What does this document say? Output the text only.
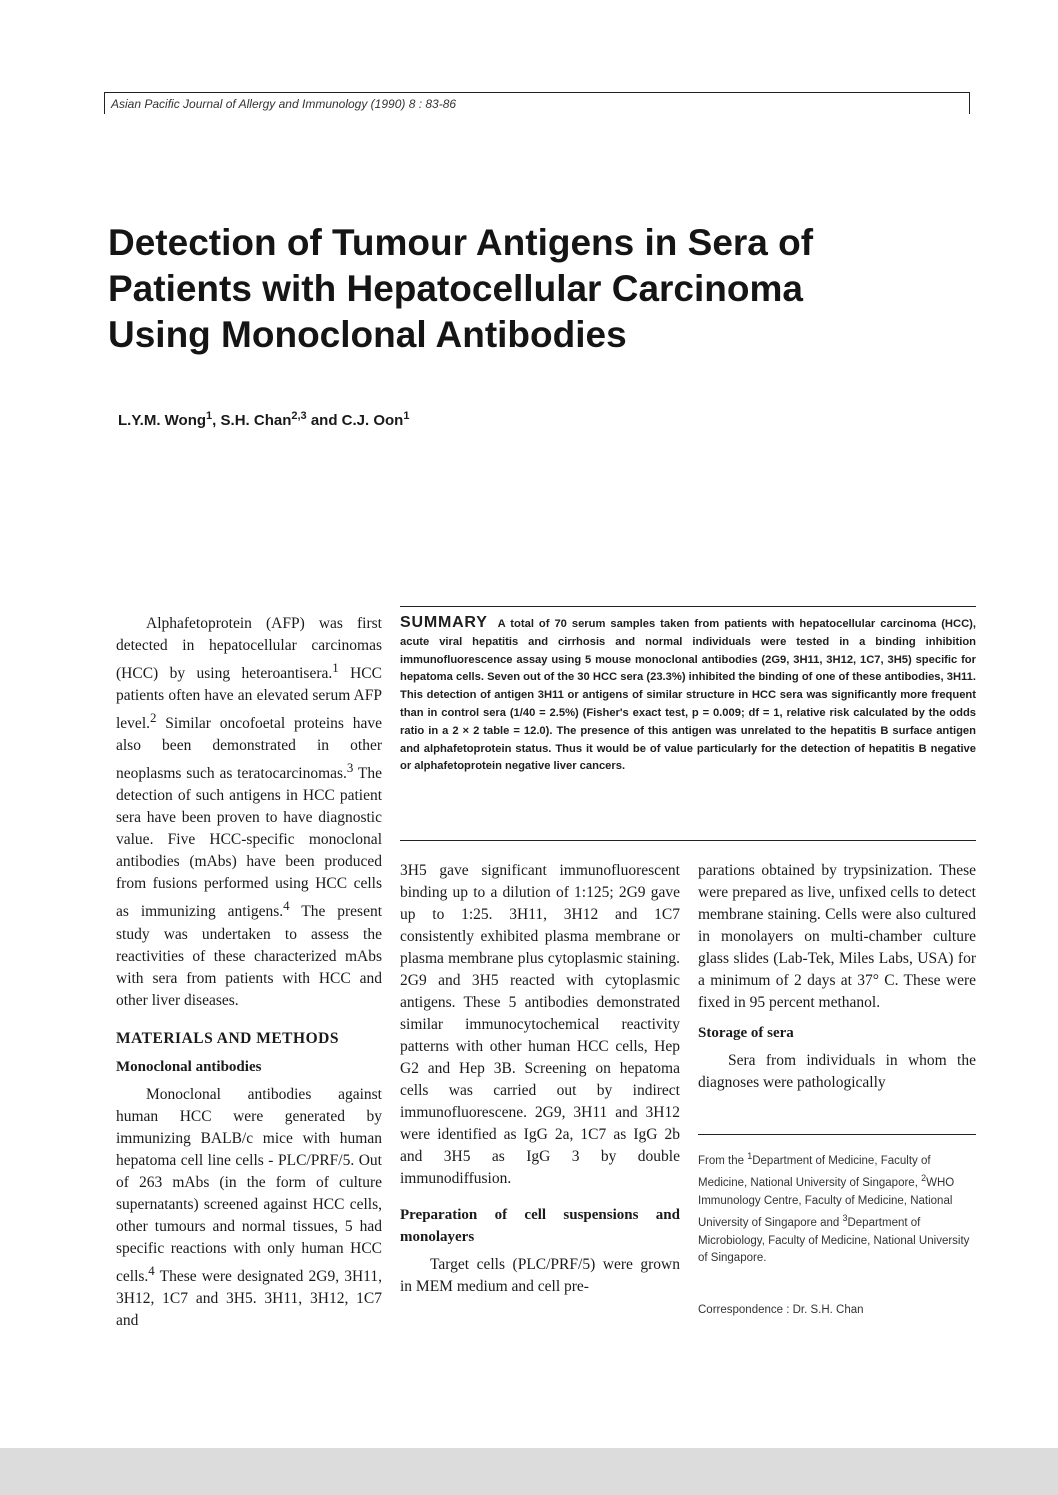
Asian Pacific Journal of Allergy and Immunology (1990) 8 : 83-86
Detection of Tumour Antigens in Sera of
Patients with Hepatocellular Carcinoma
Using Monoclonal Antibodies
L.Y.M. Wong$^1$, S.H. Chan$^{2,3}$ and C.J. Oon$^1$

Alphafetoprotein (AFP) was first detected in hepatocellular carcinomas (HCC) by using heteroantisera.$^1$ HCC patients often have an elevated serum AFP level.$^2$ Similar oncofoetal proteins have also been demonstrated in other neoplasms such as teratocarcinomas.$^3$ The detection of such antigens in HCC patient sera have been proven to have diagnostic value. Five HCC-specific monoclonal antibodies (mAbs) have been produced from fusions performed using HCC cells as immunizing antigens.$^4$ The present study was undertaken to assess the reactivities of these characterized mAbs with sera from patients with HCC and other liver diseases.

MATERIALS AND METHODS

Monoclonal antibodies

Monoclonal antibodies against human HCC were generated by immunizing BALB/c mice with human hepatoma cell line cells - PLC/PRF/5. Out of 263 mAbs (in the form of culture supernatants) screened against HCC cells, other tumours and normal tissues, 5 had specific reactions with only human HCC cells.$^4$ These were designated 2G9, 3H11, 3H12, 1C7 and 3H5. 3H11, 3H12, 1C7 and

SUMMARY A total of 70 serum samples taken from patients with hepatocellular carcinoma (HCC), acute viral hepatitis and cirrhosis and normal individuals were tested in a binding inhibition immunofluorescence assay using 5 mouse monoclonal antibodies (2G9, 3H11, 3H12, 1C7, 3H5) specific for hepatoma cells. Seven out of the 30 HCC sera (23.3%) inhibited the binding of one of these antibodies, 3H11. This detection of antigen 3H11 or antigens of similar structure in HCC sera was significantly more frequent than in control sera (1/40 = 2.5%) (Fisher's exact test, p = 0.009; df = 1, relative risk calculated by the odds ratio in a 2 × 2 table = 12.0). The presence of this antigen was unrelated to the hepatitis B surface antigen and alphafetoprotein status. Thus it would be of value particularly for the detection of hepatitis B negative or alphafetoprotein negative liver cancers.

3H5 gave significant immunofluorescent binding up to a dilution of 1:125; 2G9 gave up to 1:25. 3H11, 3H12 and 1C7 consistently exhibited plasma membrane or plasma membrane plus cytoplasmic staining. 2G9 and 3H5 reacted with cytoplasmic antigens. These 5 antibodies demonstrated similar immunocytochemical reactivity patterns with other human HCC cells, Hep G2 and Hep 3B. Screening on hepatoma cells was carried out by indirect immunofluorescene. 2G9, 3H11 and 3H12 were identified as IgG 2a, 1C7 as IgG 2b and 3H5 as IgG 3 by double immunodiffusion.

Preparation of cell suspensions and monolayers

Target cells (PLC/PRF/5) were grown in MEM medium and cell pre-

parations obtained by trypsinization. These were prepared as live, unfixed cells to detect membrane staining. Cells were also cultured in monolayers on multi-chamber culture glass slides (Lab-Tek, Miles Labs, USA) for a minimum of 2 days at 37° C. These were fixed in 95 percent methanol.

Storage of sera

Sera from individuals in whom the diagnoses were pathologically

From the $^1$Department of Medicine, Faculty of Medicine, National University of Singapore, $^2$WHO Immunology Centre, Faculty of Medicine, National University of Singapore and $^3$Department of Microbiology, Faculty of Medicine, National University of Singapore.
Correspondence : Dr. S.H. Chan
